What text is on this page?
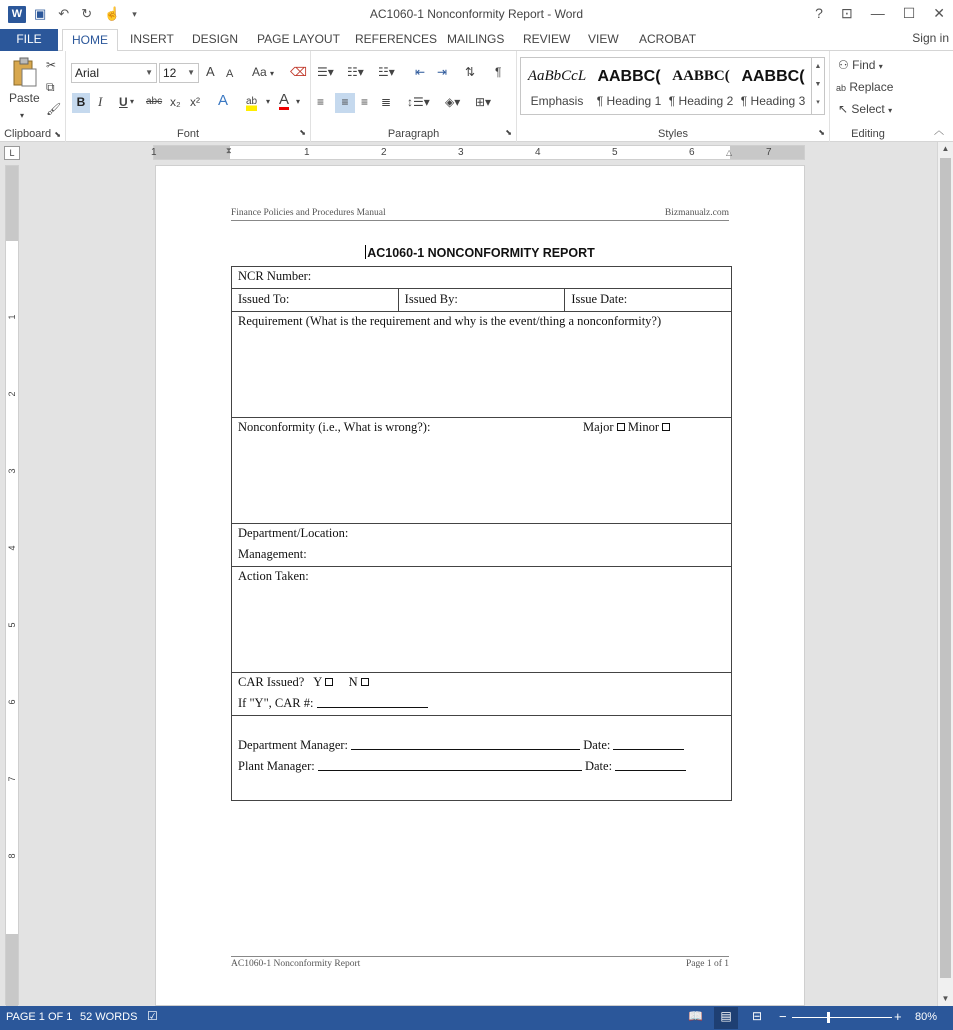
W ▣ ↶ ↻ ☝ ▾	AC1060-1 Nonconformity Report - Word	? ⊡ — ☐ ✕
FILE	HOME	INSERT DESIGN PAGE LAYOUT REFERENCES MAILINGS REVIEW VIEW ACROBAT	Sign in
Paste
▾
✂
⧉
🖌
Clipboard ⬊
Arial	▼ 12 ▼ A A Aa ▾ ⌫
B I U ▾ abc x₂ x² A ab ▾ A ▾
Font	⬊
☰▾ ☷▾ ☳▾ ⇤ ⇥ ⇅ ¶
≡	≡	≡ ≣ ↕☰▾ ◈▾ ⊞▾
Paragraph	⬊
AaBbCcL
Emphasis
AABBC(
¶ Heading 1
AABBC(
¶ Heading 2
AABBC(
¶ Heading 3
▲
▼
▾
Styles	⬊
⚇ Find ▾
ab Replace
↖ Select ▾
Editing	︿
L	1	1	2	3	4	5	6	7
⧗	△
1
2
3
4
5
6
7
8
▲
▼
Finance Policies and Procedures Manual	Bizmanualz.com
AC1060-1 NONCONFORMITY REPORT
NCR Number:
Issued To:	Issued By:	Issue Date:
Requirement (What is the requirement and why is the event/thing a nonconformity?)
Nonconformity (i.e., What is wrong?):	Major Minor
Department/Location:
Management:
Action Taken:
CAR Issued? Y N
If "Y", CAR #:
Department Manager:	Date:
Plant Manager:	Date:
AC1060-1 Nonconformity Report	Page 1 of 1
PAGE 1 OF 1 52 WORDS ☑	📖	▤	⊟ −	+ 80%
